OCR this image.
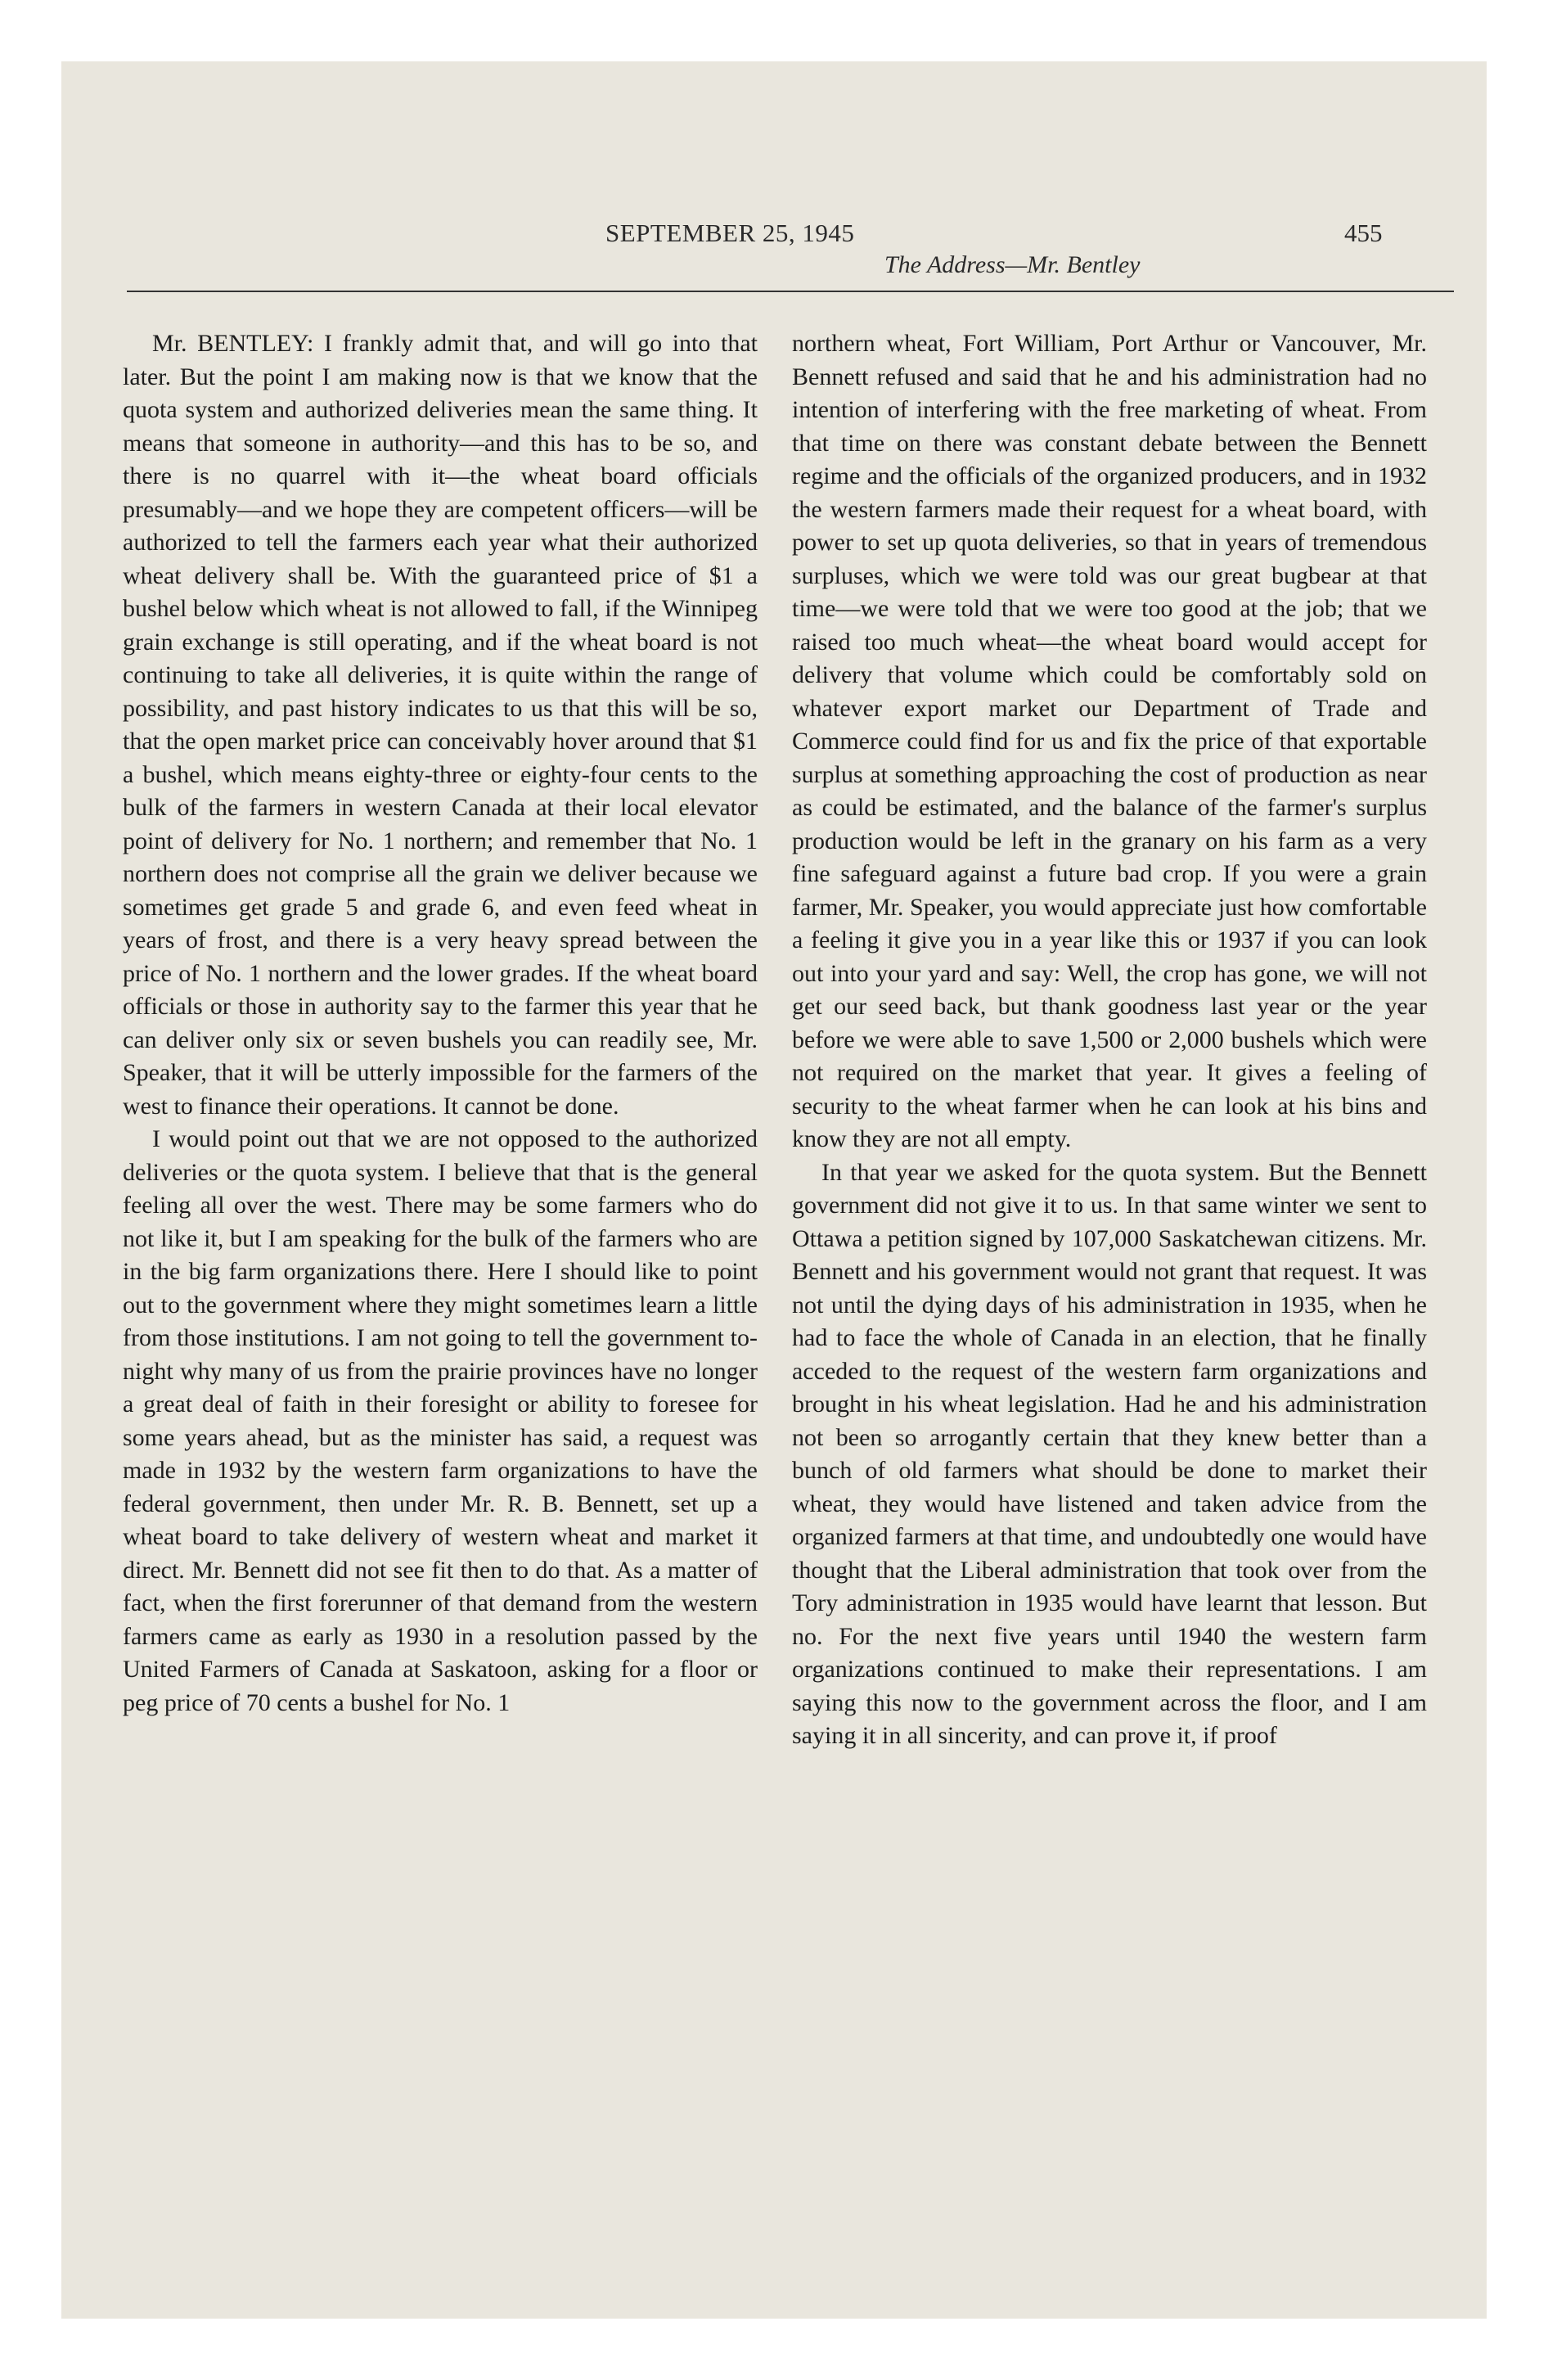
SEPTEMBER 25, 1945	455
The Address—Mr. Bentley

Mr. BENTLEY: I frankly admit that, and will go into that later. But the point I am making now is that we know that the quota system and authorized deliveries mean the same thing. It means that someone in authority—and this has to be so, and there is no quarrel with it—the wheat board officials presumably—and we hope they are competent officers—will be authorized to tell the farmers each year what their authorized wheat delivery shall be. With the guaranteed price of $1 a bushel below which wheat is not allowed to fall, if the Winnipeg grain exchange is still operating, and if the wheat board is not continuing to take all deliveries, it is quite within the range of possibility, and past history indicates to us that this will be so, that the open market price can conceivably hover around that $1 a bushel, which means eighty-three or eighty-four cents to the bulk of the farmers in western Canada at their local elevator point of delivery for No. 1 northern; and remember that No. 1 northern does not comprise all the grain we deliver because we sometimes get grade 5 and grade 6, and even feed wheat in years of frost, and there is a very heavy spread between the price of No. 1 northern and the lower grades. If the wheat board officials or those in authority say to the farmer this year that he can deliver only six or seven bushels you can readily see, Mr. Speaker, that it will be utterly impossible for the farmers of the west to finance their operations. It cannot be done.

I would point out that we are not opposed to the authorized deliveries or the quota system. I believe that that is the general feeling all over the west. There may be some farmers who do not like it, but I am speaking for the bulk of the farmers who are in the big farm organizations there. Here I should like to point out to the government where they might sometimes learn a little from those institutions. I am not going to tell the government to-night why many of us from the prairie provinces have no longer a great deal of faith in their foresight or ability to foresee for some years ahead, but as the minister has said, a request was made in 1932 by the western farm organizations to have the federal government, then under Mr. R. B. Bennett, set up a wheat board to take delivery of western wheat and market it direct. Mr. Bennett did not see fit then to do that. As a matter of fact, when the first forerunner of that demand from the western farmers came as early as 1930 in a resolution passed by the United Farmers of Canada at Saskatoon, asking for a floor or peg price of 70 cents a bushel for No. 1

northern wheat, Fort William, Port Arthur or Vancouver, Mr. Bennett refused and said that he and his administration had no intention of interfering with the free marketing of wheat. From that time on there was constant debate between the Bennett regime and the officials of the organized producers, and in 1932 the western farmers made their request for a wheat board, with power to set up quota deliveries, so that in years of tremendous surpluses, which we were told was our great bugbear at that time—we were told that we were too good at the job; that we raised too much wheat—the wheat board would accept for delivery that volume which could be comfortably sold on whatever export market our Department of Trade and Commerce could find for us and fix the price of that exportable surplus at something approaching the cost of production as near as could be estimated, and the balance of the farmer's surplus production would be left in the granary on his farm as a very fine safeguard against a future bad crop. If you were a grain farmer, Mr. Speaker, you would appreciate just how comfortable a feeling it give you in a year like this or 1937 if you can look out into your yard and say: Well, the crop has gone, we will not get our seed back, but thank goodness last year or the year before we were able to save 1,500 or 2,000 bushels which were not required on the market that year. It gives a feeling of security to the wheat farmer when he can look at his bins and know they are not all empty.

In that year we asked for the quota system. But the Bennett government did not give it to us. In that same winter we sent to Ottawa a petition signed by 107,000 Saskatchewan citizens. Mr. Bennett and his government would not grant that request. It was not until the dying days of his administration in 1935, when he had to face the whole of Canada in an election, that he finally acceded to the request of the western farm organizations and brought in his wheat legislation. Had he and his administration not been so arrogantly certain that they knew better than a bunch of old farmers what should be done to market their wheat, they would have listened and taken advice from the organized farmers at that time, and undoubtedly one would have thought that the Liberal administration that took over from the Tory administration in 1935 would have learnt that lesson. But no. For the next five years until 1940 the western farm organizations continued to make their representations. I am saying this now to the government across the floor, and I am saying it in all sincerity, and can prove it, if proof
